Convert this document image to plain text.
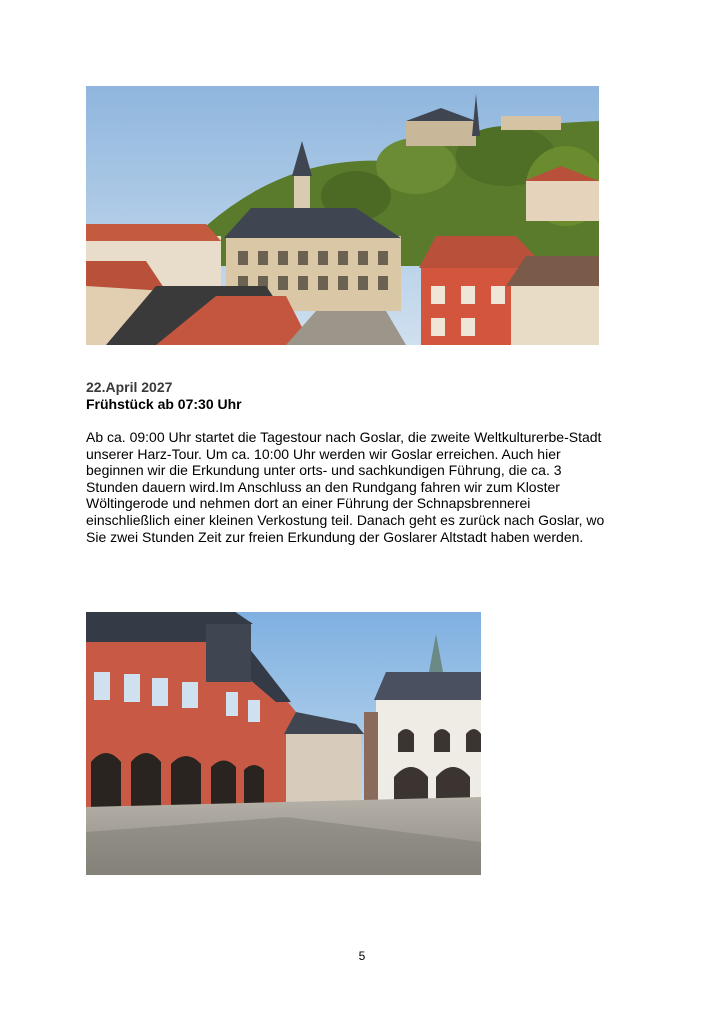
22.April 2027
Frühstück ab 07:30 Uhr
Ab ca. 09:00 Uhr startet die Tagestour nach Goslar, die zweite Weltkulturerbe-Stadt
unserer Harz-Tour. Um ca. 10:00 Uhr werden wir Goslar erreichen. Auch hier
beginnen wir die Erkundung unter orts- und sachkundigen Führung, die ca. 3
Stunden dauern wird.Im Anschluss an den Rundgang fahren wir zum Kloster
Wöltingerode und nehmen dort an einer Führung der Schnapsbrennerei
einschließlich einer kleinen Verkostung teil. Danach geht es zurück nach Goslar, wo
Sie zwei Stunden Zeit zur freien Erkundung der Goslarer Altstadt haben werden.
5
